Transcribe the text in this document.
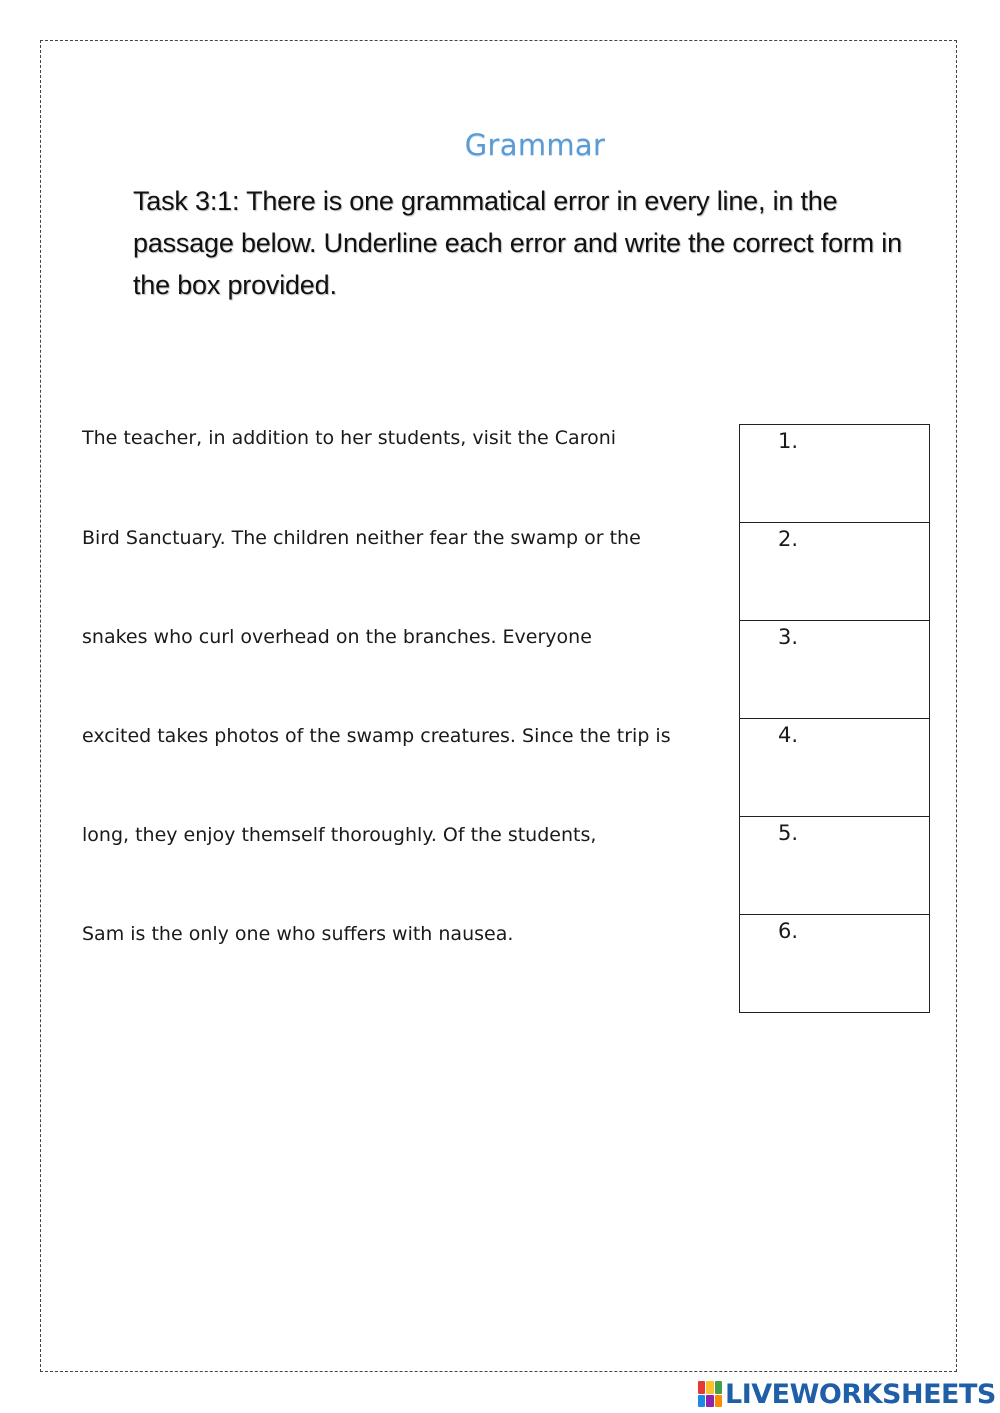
Grammar
Task 3:1: There is one grammatical error in every line, in the passage below. Underline each error and write the correct form in the box provided.
The teacher, in addition to her students, visit the Caroni
Bird Sanctuary. The children neither fear the swamp or the
snakes who curl overhead on the branches. Everyone
excited takes photos of the swamp creatures. Since the trip is
long, they enjoy themself thoroughly. Of the students,
Sam is the only one who suffers with nausea.
1.
2.
3.
4.
5.
6.
LIVEWORKSHEETS
